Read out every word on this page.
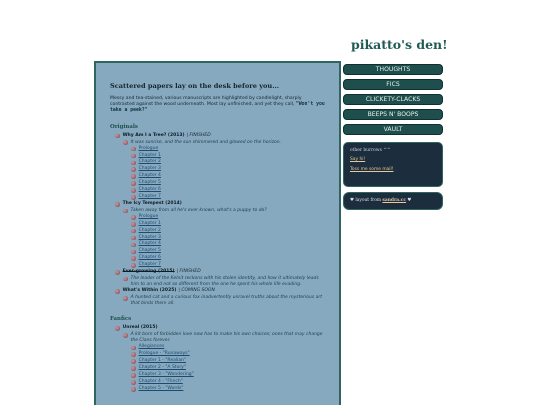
pikatto's den!
Scattered papers lay on the desk before you...

Messy and tea-stained, various manuscripts are highlighted by candlelight, sharply contrasted against the wood underneath. Most lay unfinished, and yet they call, "Won't you take a peek?"

Originals
Why Am I a Tree? (2013) | FINISHED
It was sunrise, and the sun shimmered and glowed on the horizon.
Prologue
Chapter 1
Chapter 2
Chapter 3
Chapter 4
Chapter 5
Chapter 6
Chapter 7
The Icy Tempest (2014)
Taken away from all he's ever known, what's a puppy to do?
Prologue
Chapter 1
Chapter 2
Chapter 3
Chapter 4
Chapter 5
Chapter 6
Chapter 7
Ever-growing (2015) | FINISHED
The leader of the Kelnit reckons with his stolen identity, and how it ultimately leads him to an end not so different from the one he spent his whole life evading.
What's Within (2025) | COMING SOON
A hunted cat and a curious fox inadvertently unravel truths about the mysterious art that binds them all.
Fanfics
Unreal (2015)
A kit born of forbidden love now has to make his own choices; ones that may change the Clans forever.
Allegiances
Prologue - "Runaways"
Chapter 1 - "Realian"
Chapter 2 - "A Story"
Chapter 3 - "Wondering"
Chapter 4 - "Flinch"
Chapter 5 - "Words"
THOUGHTS
FICS
CLICKETY-CLACKS
BEEPS N' BOOPS
VAULT
other burrows ^^
Say hi!
Toss me some mail!
♥ layout from sandra.cc ♥
